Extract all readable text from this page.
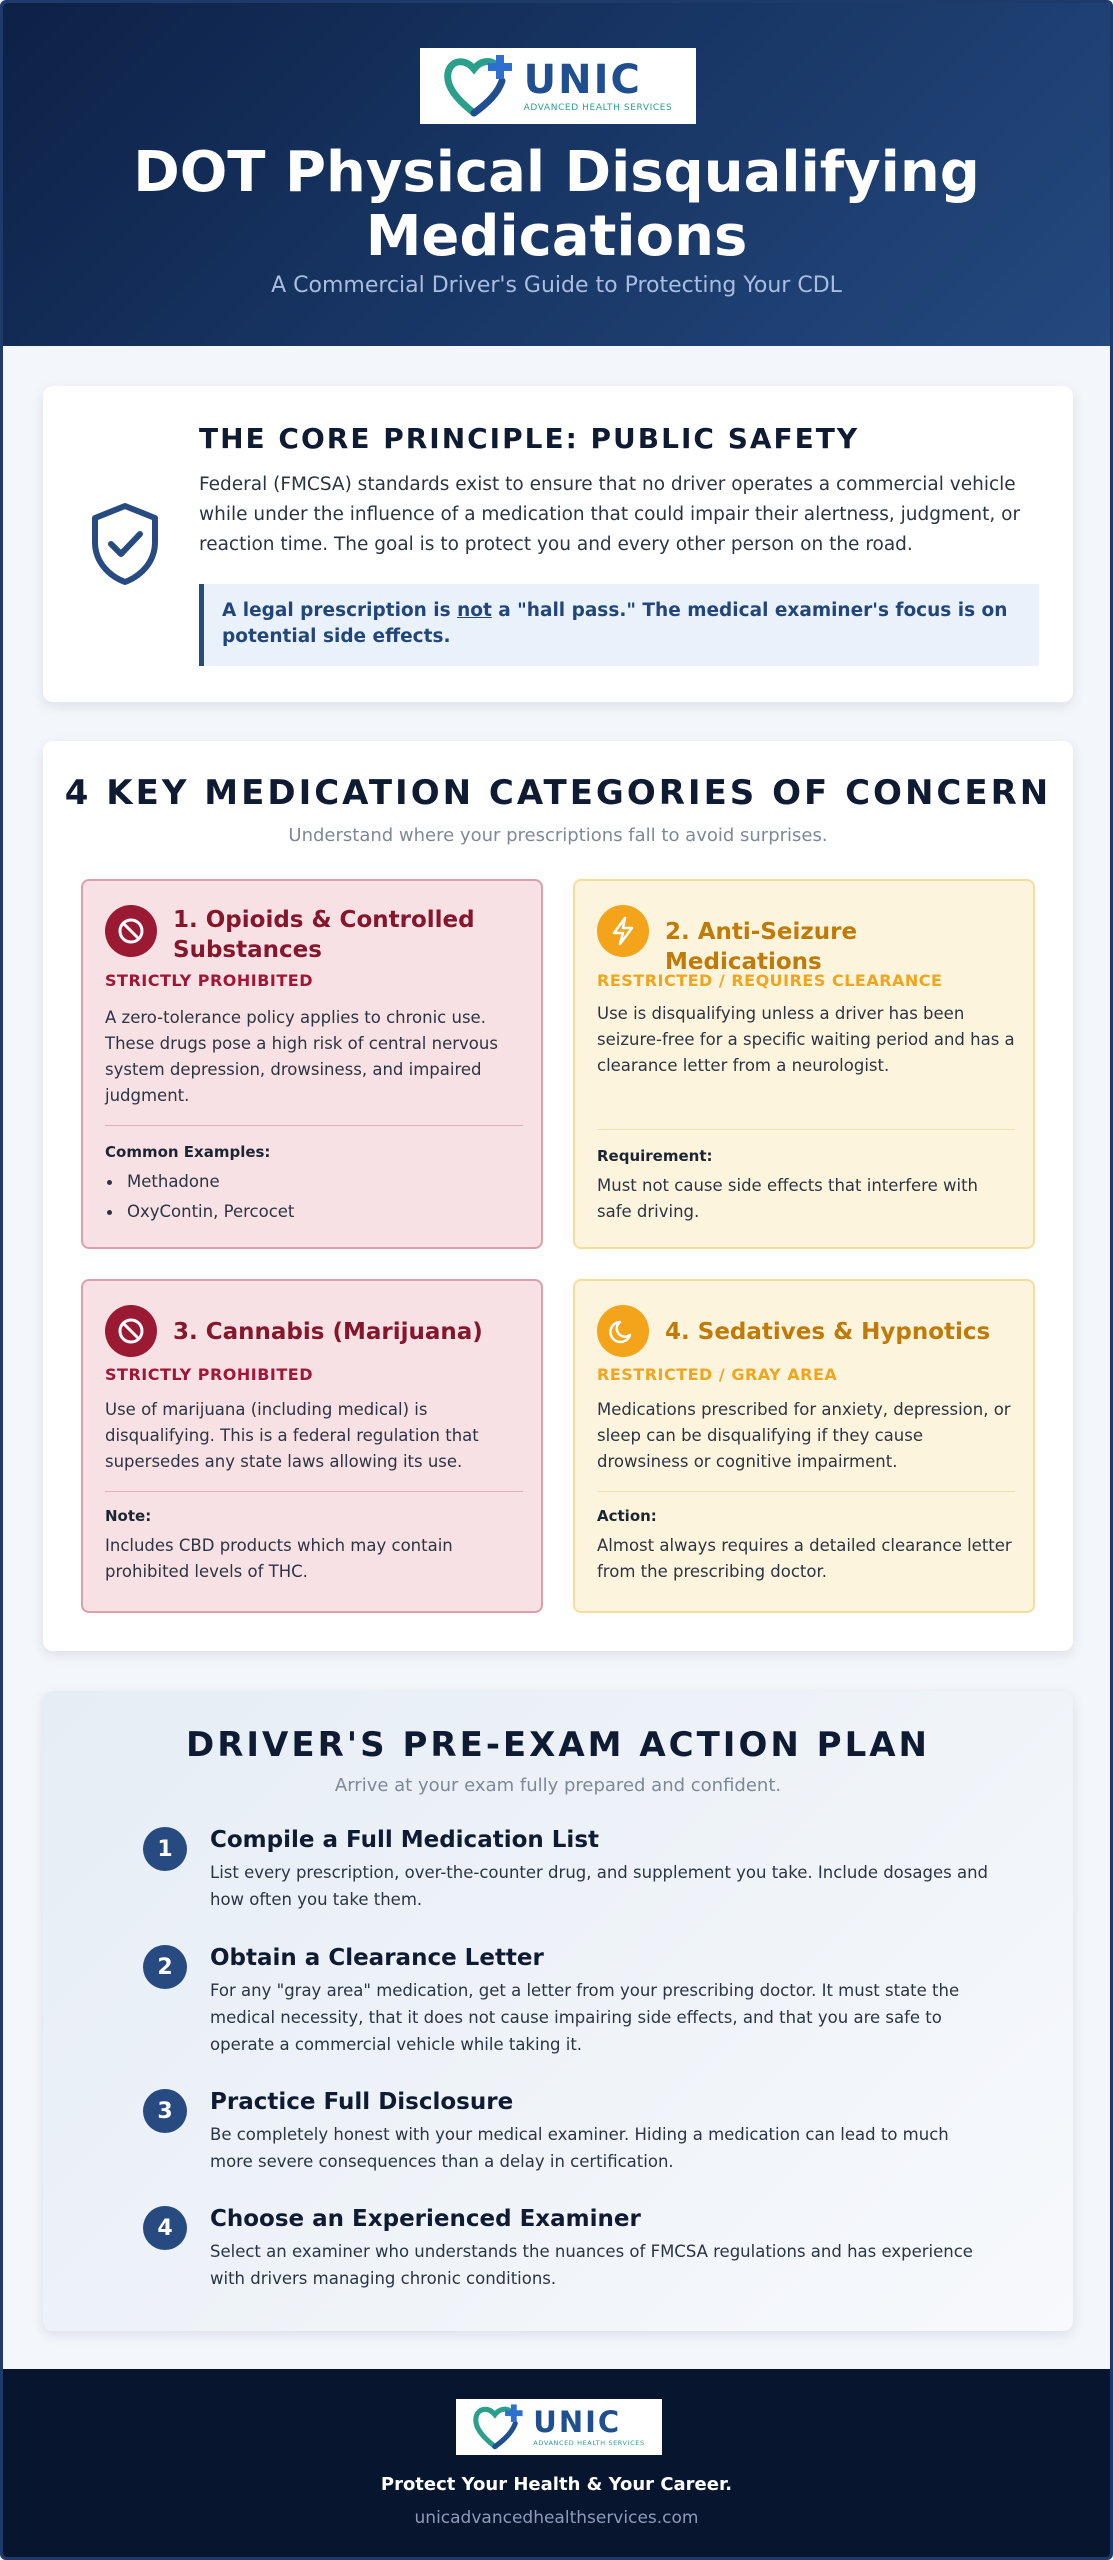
UNIC
ADVANCED HEALTH SERVICES
DOT Physical Disqualifying Medications
A Commercial Driver's Guide to Protecting Your CDL
THE CORE PRINCIPLE: PUBLIC SAFETY

Federal (FMCSA) standards exist to ensure that no driver operates a commercial vehicle while under the influence of a medication that could impair their alertness, judgment, or reaction time. The goal is to protect you and every other person on the road.

A legal prescription is not a "hall pass." The medical examiner's focus is on potential side effects.
4 KEY MEDICATION CATEGORIES OF CONCERN
Understand where your prescriptions fall to avoid surprises.
1. Opioids & Controlled Substances
STRICTLY PROHIBITED
A zero-tolerance policy applies to chronic use. These drugs pose a high risk of central nervous system depression, drowsiness, and impaired judgment.
Common Examples:
Methadone
OxyContin, Percocet
2. Anti-Seizure Medications
RESTRICTED / REQUIRES CLEARANCE
Use is disqualifying unless a driver has been seizure-free for a specific waiting period and has a clearance letter from a neurologist.
Requirement:
Must not cause side effects that interfere with safe driving.
3. Cannabis (Marijuana)
STRICTLY PROHIBITED
Use of marijuana (including medical) is disqualifying. This is a federal regulation that supersedes any state laws allowing its use.
Note:
Includes CBD products which may contain prohibited levels of THC.
4. Sedatives & Hypnotics
RESTRICTED / GRAY AREA
Medications prescribed for anxiety, depression, or sleep can be disqualifying if they cause drowsiness or cognitive impairment.
Action:
Almost always requires a detailed clearance letter from the prescribing doctor.
DRIVER'S PRE-EXAM ACTION PLAN
Arrive at your exam fully prepared and confident.
1	Compile a Full Medication List
List every prescription, over-the-counter drug, and supplement you take. Include dosages and how often you take them.
2	Obtain a Clearance Letter
For any "gray area" medication, get a letter from your prescribing doctor. It must state the medical necessity, that it does not cause impairing side effects, and that you are safe to operate a commercial vehicle while taking it.
3	Practice Full Disclosure
Be completely honest with your medical examiner. Hiding a medication can lead to much more severe consequences than a delay in certification.
4	Choose an Experienced Examiner
Select an examiner who understands the nuances of FMCSA regulations and has experience with drivers managing chronic conditions.
UNIC
ADVANCED HEALTH SERVICES
Protect Your Health & Your Career.
unicadvancedhealthservices.com
